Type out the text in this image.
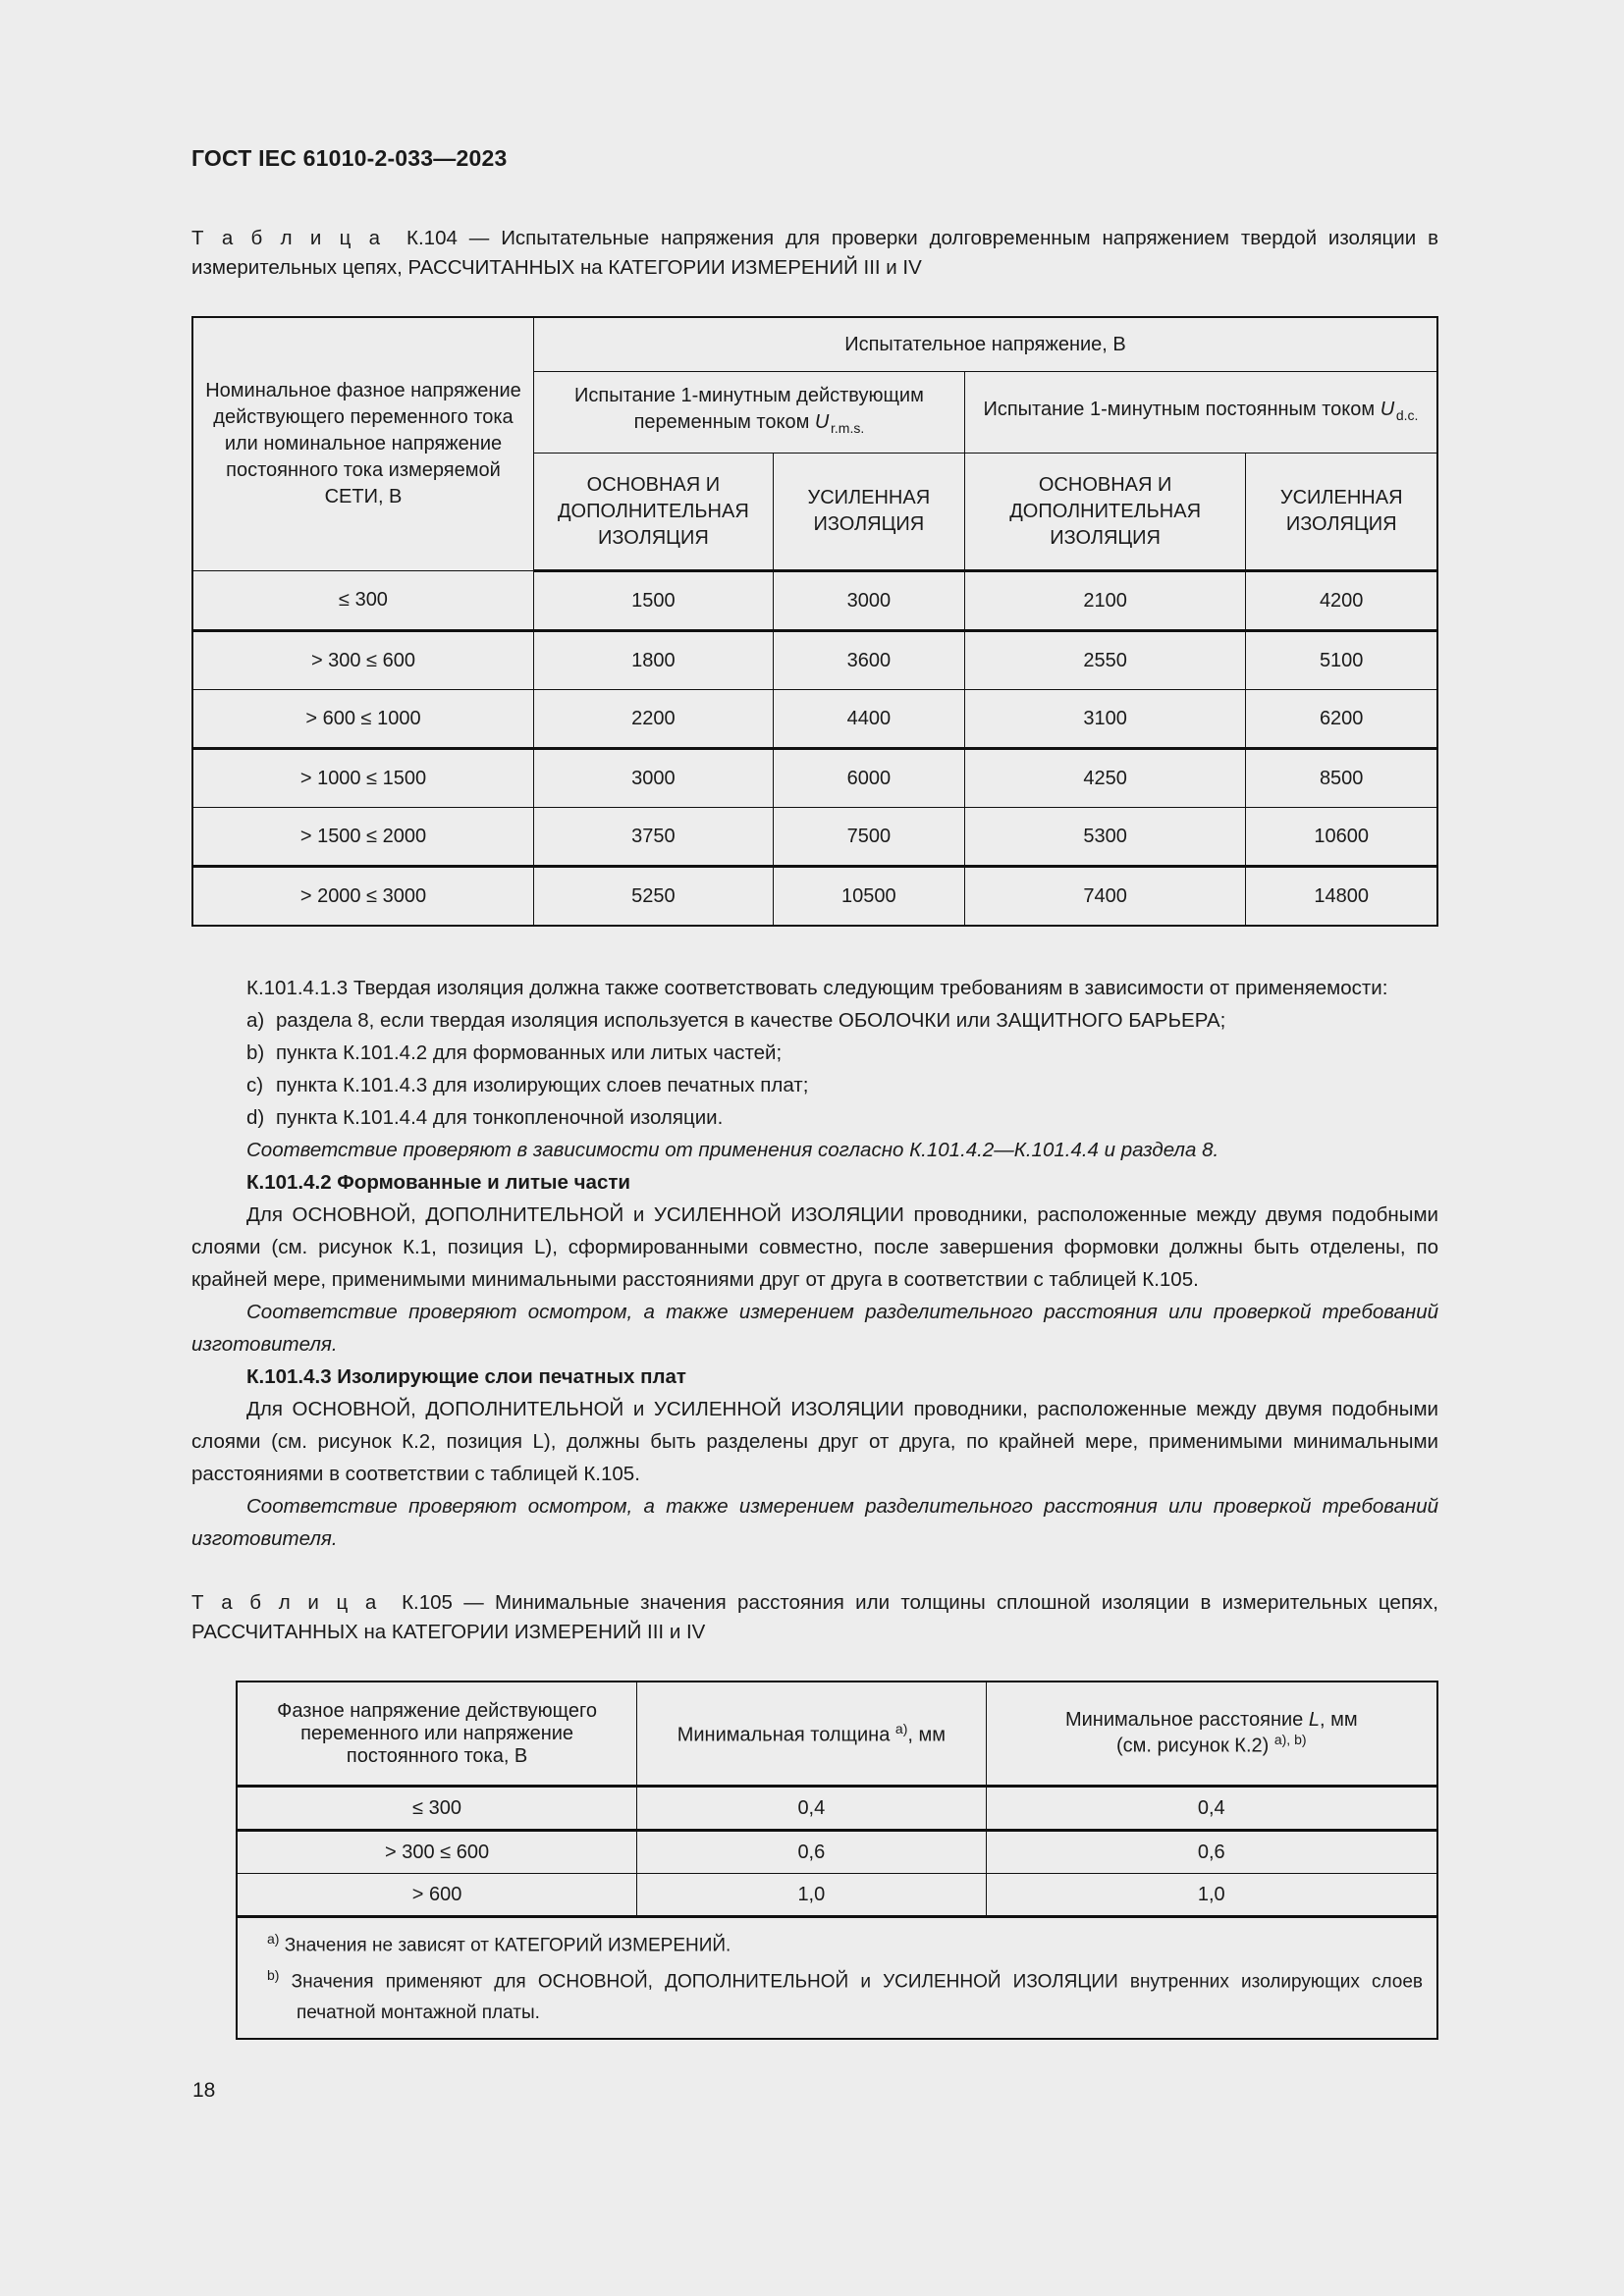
ГОСТ IEC 61010-2-033—2023

Т а б л и ц а К.104 — Испытательные напряжения для проверки долговременным напряжением твердой изоляции в измерительных цепях, РАССЧИТАННЫХ на КАТЕГОРИИ ИЗМЕРЕНИЙ III и IV

Номинальное фазное напряжение действующего переменного тока или номинальное напряжение постоянного тока измеряемой СЕТИ, В	Испытательное напряжение, В			
	Испытание 1-минутным действующим переменным током U  $_{r.m.s.}$		Испытание 1-минутным постоянным током U  $_{d.c.}$
	ОСНОВНАЯ И ДОПОЛНИТЕЛЬНАЯ ИЗОЛЯЦИЯ	УСИЛЕННАЯ ИЗОЛЯЦИЯ	ОСНОВНАЯ И ДОПОЛНИТЕЛЬНАЯ ИЗОЛЯЦИЯ	УСИЛЕННАЯ ИЗОЛЯЦИЯ
≤ 300	1500	3000	2100	4200
> 300 ≤ 600	1800	3600	2550	5100
> 600 ≤ 1000	2200	4400	3100	6200
> 1000 ≤ 1500	3000	6000	4250	8500
> 1500 ≤ 2000	3750	7500	5300	10600
> 2000 ≤ 3000	5250	10500	7400	14800

К.101.4.1.3 Твердая изоляция должна также соответствовать следующим требованиям в зависимости от применяемости:

a) раздела 8, если твердая изоляция используется в качестве ОБОЛОЧКИ или ЗАЩИТНОГО БАРЬЕРА;

b) пункта К.101.4.2 для формованных или литых частей;

c) пункта К.101.4.3 для изолирующих слоев печатных плат;

d) пункта К.101.4.4 для тонкопленочной изоляции.

Соответствие проверяют в зависимости от применения согласно К.101.4.2—К.101.4.4 и раздела 8.

К.101.4.2 Формованные и литые части

Для ОСНОВНОЙ, ДОПОЛНИТЕЛЬНОЙ и УСИЛЕННОЙ ИЗОЛЯЦИИ проводники, расположенные между двумя подобными слоями (см. рисунок К.1, позиция L), сформированными совместно, после завершения формовки должны быть отделены, по крайней мере, применимыми минимальными расстояниями друг от друга в соответствии с таблицей К.105.

Соответствие проверяют осмотром, а также измерением разделительного расстояния или проверкой требований изготовителя.

К.101.4.3 Изолирующие слои печатных плат

Для ОСНОВНОЙ, ДОПОЛНИТЕЛЬНОЙ и УСИЛЕННОЙ ИЗОЛЯЦИИ проводники, расположенные между двумя подобными слоями (см. рисунок К.2, позиция L), должны быть разделены друг от друга, по крайней мере, применимыми минимальными расстояниями в соответствии с таблицей К.105.

Соответствие проверяют осмотром, а также измерением разделительного расстояния или проверкой требований изготовителя.

Т а б л и ц а К.105 — Минимальные значения расстояния или толщины сплошной изоляции в измерительных цепях, РАССЧИТАННЫХ на КАТЕГОРИИ ИЗМЕРЕНИЙ III и IV

Фазное напряжение действующего переменного или напряжение постоянного тока, В	Минимальная толщина $^{a)}$, мм	Минимальное расстояние L, мм
(см. рисунок К.2) $^{a), b)}$
≤ 300	0,4	0,4
> 300 ≤ 600	0,6	0,6
> 600	1,0	1,0

$^{a)}$ Значения не зависят от КАТЕГОРИЙ ИЗМЕРЕНИЙ.

$^{b)}$ Значения применяют для ОСНОВНОЙ, ДОПОЛНИТЕЛЬНОЙ и УСИЛЕННОЙ ИЗОЛЯЦИИ внутренних изолирующих слоев печатной монтажной платы.

18
